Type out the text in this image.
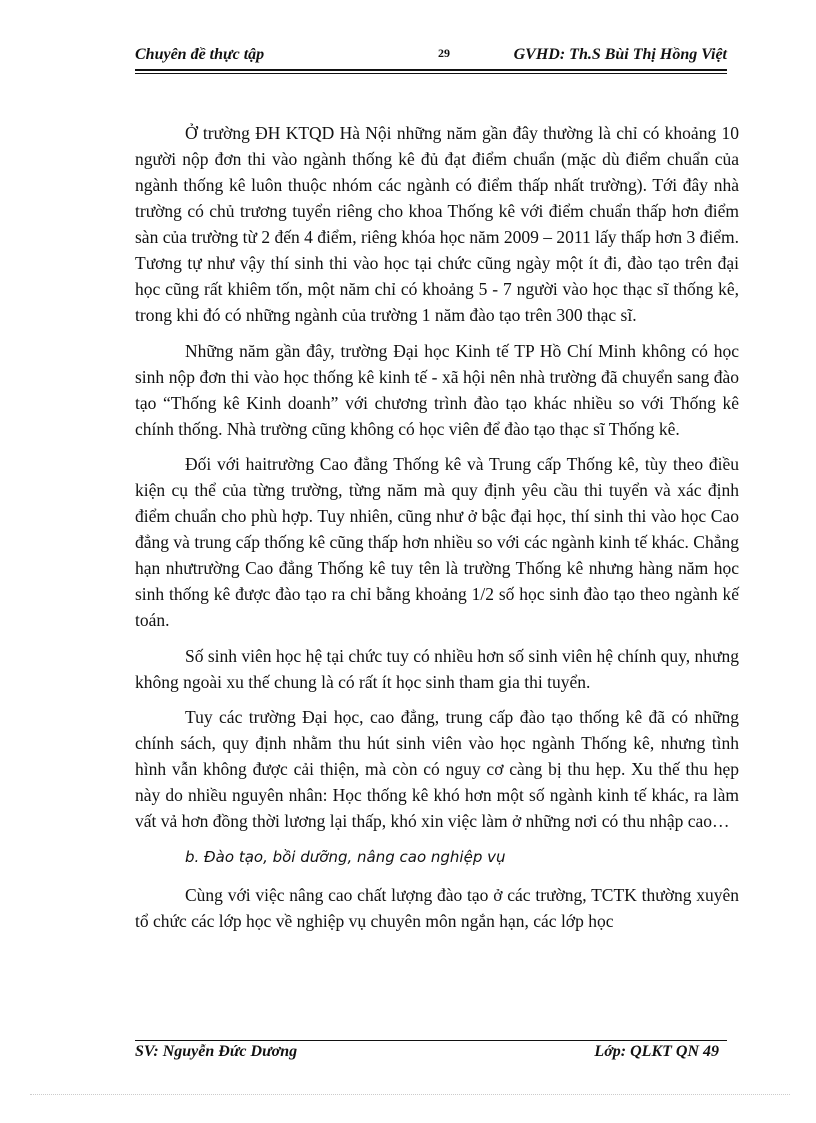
Chuyên đề thực tập	29	GVHD: Th.S Bùi Thị Hồng Việt

Ở trường ĐH KTQD Hà Nội những năm gần đây thường là chỉ có khoảng 10 người nộp đơn thi vào ngành thống kê đủ đạt điểm chuẩn (mặc dù điểm chuẩn của ngành thống kê luôn thuộc nhóm các ngành có điểm thấp nhất trường). Tới đây nhà trường có chủ trương tuyển riêng cho khoa Thống kê với điểm chuẩn thấp hơn điểm sàn của trường từ 2 đến 4 điểm, riêng khóa học năm 2009 – 2011 lấy thấp hơn 3 điểm. Tương tự như vậy thí sinh thi vào học tại chức cũng ngày một ít đi, đào tạo trên đại học cũng rất khiêm tốn, một năm chỉ có khoảng 5 - 7 người vào học thạc sĩ thống kê, trong khi đó có những ngành của trường 1 năm đào tạo trên 300 thạc sĩ.

Những năm gần đây, trường Đại học Kinh tế TP Hồ Chí Minh không có học sinh nộp đơn thi vào học thống kê kinh tế - xã hội nên nhà trường đã chuyển sang đào tạo “Thống kê Kinh doanh” với chương trình đào tạo khác nhiều so với Thống kê chính thống. Nhà trường cũng không có học viên để đào tạo thạc sĩ Thống kê.

Đối với haitrường Cao đẳng Thống kê và Trung cấp Thống kê, tùy theo điều kiện cụ thể của từng trường, từng năm mà quy định yêu cầu thi tuyển và xác định điểm chuẩn cho phù hợp. Tuy nhiên, cũng như ở bậc đại học, thí sinh thi vào học Cao đẳng và trung cấp thống kê cũng thấp hơn nhiều so với các ngành kinh tế khác. Chẳng hạn nhưtrường Cao đẳng Thống kê tuy tên là trường Thống kê nhưng hàng năm học sinh thống kê được đào tạo ra chỉ bằng khoảng 1/2 số học sinh đào tạo theo ngành kế toán.

Số sinh viên học hệ tại chức tuy có nhiều hơn số sinh viên hệ chính quy, nhưng không ngoài xu thế chung là có rất ít học sinh tham gia thi tuyển.

Tuy các trường Đại học, cao đẳng, trung cấp đào tạo thống kê đã có những chính sách, quy định nhằm thu hút sinh viên vào học ngành Thống kê, nhưng tình hình vẫn không được cải thiện, mà còn có nguy cơ càng bị thu hẹp. Xu thế thu hẹp này do nhiều nguyên nhân: Học thống kê khó hơn một số ngành kinh tế khác, ra làm vất vả hơn đồng thời lương lại thấp, khó xin việc làm ở những nơi có thu nhập cao…

b. Đào tạo, bồi dưỡng, nâng cao nghiệp vụ

Cùng với việc nâng cao chất lượng đào tạo ở các trường, TCTK thường xuyên tổ chức các lớp học về nghiệp vụ chuyên môn ngắn hạn, các lớp học

SV: Nguyễn Đức Dương	Lớp: QLKT QN 49
